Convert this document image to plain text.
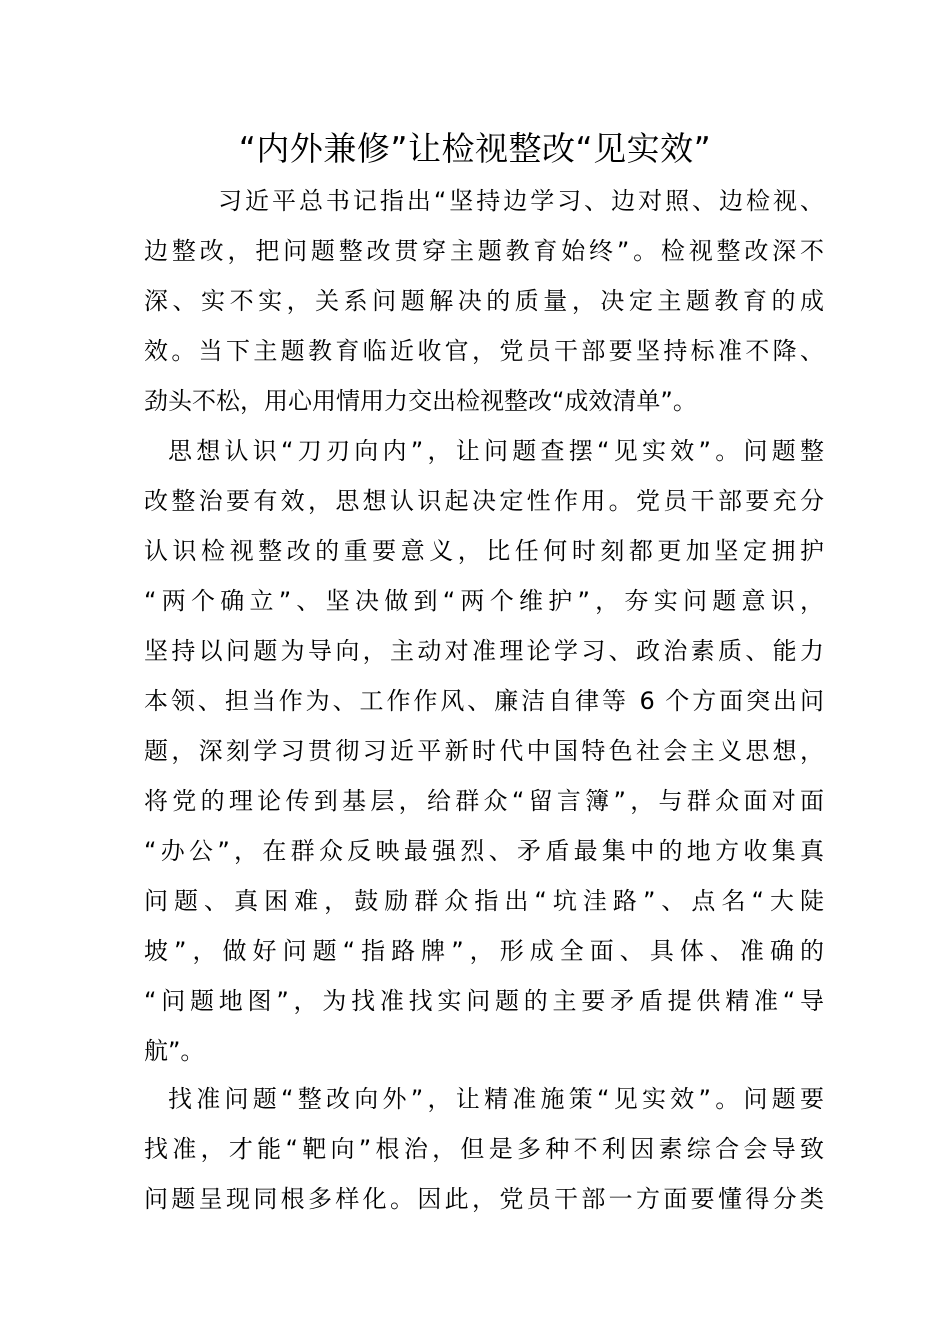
“内外兼修”让检视整改“见实效”
习近平总书记指出“坚持边学习、边对照、边检视、
边整改，把问题整改贯穿主题教育始终”。检视整改深不
深、实不实，关系问题解决的质量，决定主题教育的成
效。当下主题教育临近收官，党员干部要坚持标准不降、
劲头不松，用心用情用力交出检视整改“成效清单”。
思想认识“刀刃向内”，让问题查摆“见实效”。问题整
改整治要有效，思想认识起决定性作用。党员干部要充分
认识检视整改的重要意义，比任何时刻都更加坚定拥护
“两个确立”、坚决做到“两个维护”，夯实问题意识，
坚持以问题为导向，主动对准理论学习、政治素质、能力
本领、担当作为、工作作风、廉洁自律等 6 个方面突出问
题，深刻学习贯彻习近平新时代中国特色社会主义思想，
将党的理论传到基层，给群众“留言簿”，与群众面对面
“办公”，在群众反映最强烈、矛盾最集中的地方收集真
问题、真困难，鼓励群众指出“坑洼路”、点名“大陡
坡”，做好问题“指路牌”，形成全面、具体、准确的
“问题地图”，为找准找实问题的主要矛盾提供精准“导
航”。
找准问题“整改向外”，让精准施策“见实效”。问题要
找准，才能“靶向”根治，但是多种不利因素综合会导致
问题呈现同根多样化。因此，党员干部一方面要懂得分类
